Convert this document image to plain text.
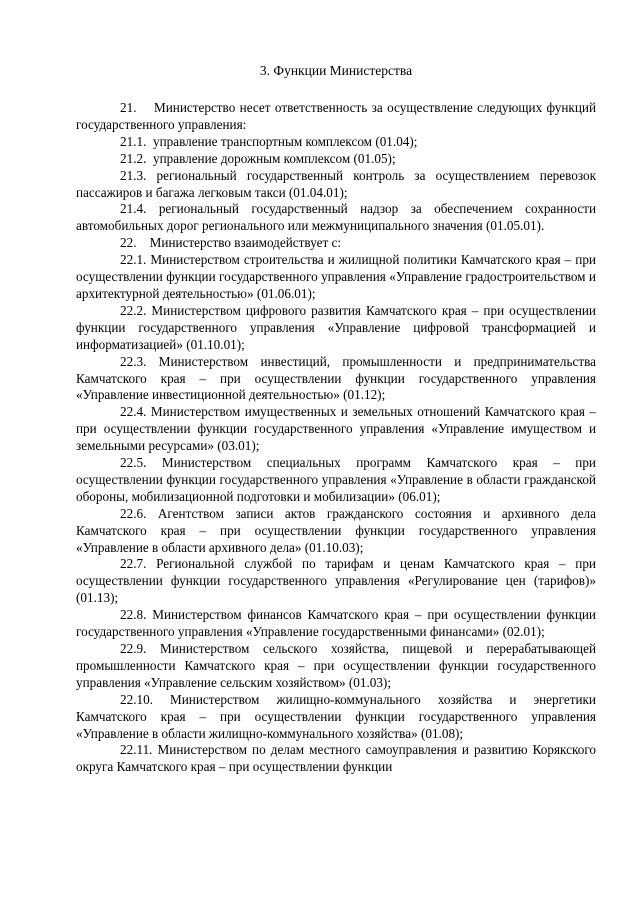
3. Функции Министерства

21.    Министерство несет ответственность за осуществление следующих функций государственного управления:

21.1.  управление транспортным комплексом (01.04);

21.2.  управление дорожным комплексом (01.05);

21.3. региональный государственный контроль за осуществлением перевозок пассажиров и багажа легковым такси (01.04.01);

21.4. региональный государственный надзор за обеспечением сохранности автомобильных дорог регионального или межмуниципального значения (01.05.01).

22.    Министерство взаимодействует с:

22.1. Министерством строительства и жилищной политики Камчатского края – при осуществлении функции государственного управления «Управление градостроительством и архитектурной деятельностью» (01.06.01);

22.2. Министерством цифрового развития Камчатского края – при осуществлении функции государственного управления «Управление цифровой трансформацией и информатизацией» (01.10.01);

22.3. Министерством инвестиций, промышленности и предпринимательства Камчатского края – при осуществлении функции государственного управления «Управление инвестиционной деятельностью» (01.12);

22.4. Министерством имущественных и земельных отношений Камчатского края – при осуществлении функции государственного управления «Управление имуществом и земельными ресурсами» (03.01);

22.5. Министерством специальных программ Камчатского края – при осуществлении функции государственного управления «Управление в области гражданской обороны, мобилизационной подготовки и мобилизации» (06.01);

22.6. Агентством записи актов гражданского состояния и архивного дела Камчатского края – при осуществлении функции государственного управления «Управление в области архивного дела» (01.10.03);

22.7. Региональной службой по тарифам и ценам Камчатского края – при осуществлении функции государственного управления «Регулирование цен (тарифов)» (01.13);

22.8. Министерством финансов Камчатского края – при осуществлении функции государственного управления «Управление государственными финансами» (02.01);

22.9. Министерством сельского хозяйства, пищевой и перерабатывающей промышленности Камчатского края – при осуществлении функции государственного управления «Управление сельским хозяйством» (01.03);

22.10. Министерством жилищно-коммунального хозяйства и энергетики Камчатского края – при осуществлении функции государственного управления «Управление в области жилищно-коммунального хозяйства» (01.08);

22.11. Министерством по делам местного самоуправления и развитию Корякского округа Камчатского края – при осуществлении функции
